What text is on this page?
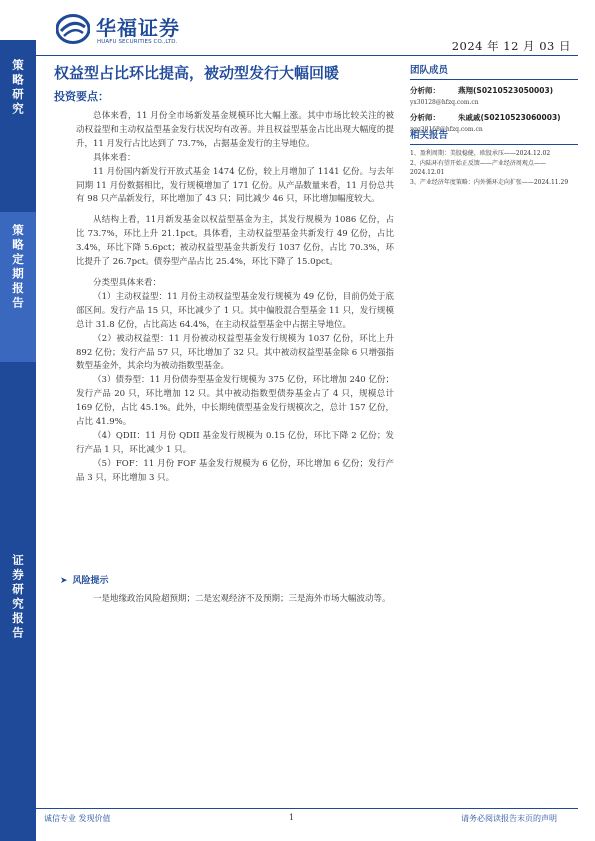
华福证券
HUAFU SECURITIES CO.,LTD.	2024 年 12 月 03 日
策略研究
策略定期报告
证券研究报告
权益型占比环比提高，被动型发行大幅回暖
投资要点：

总体来看，11 月份全市场新发基金规模环比大幅上涨。其中市场比较关注的被动权益型和主动权益型基金发行状况均有改善。并且权益型基金占比出现大幅度的提升，11 月发行占比达到了 73.7%，占据基金发行的主导地位。

具体来看：

11 月份国内新发行开放式基金 1474 亿份，较上月增加了 1141 亿份。与去年同期 11 月份数据相比，发行规模增加了 171 亿份。从产品数量来看，11 月份总共有 98 只产品新发行，环比增加了 43 只；同比减少 46 只，环比增加幅度较大。

从结构上看，11月新发基金以权益型基金为主，其发行规模为 1086 亿份，占比 73.7%，环比上升 21.1pct。具体看，主动权益型基金共新发行 49 亿份，占比 3.4%，环比下降 5.6pct；被动权益型基金共新发行 1037 亿份，占比 70.3%，环比提升了 26.7pct。债券型产品占比 25.4%，环比下降了 15.0pct。

分类型具体来看：

（1）主动权益型：11 月份主动权益型基金发行规模为 49 亿份，目前仍处于底部区间。发行产品 15 只，环比减少了 1 只。其中偏股混合型基金 11 只，发行规模总计 31.8 亿份，占比高达 64.4%，在主动权益型基金中占据主导地位。

（2）被动权益型：11 月份被动权益型基金发行规模为 1037 亿份，环比上升 892 亿份；发行产品 57 只，环比增加了 32 只。其中被动权益型基金除 6 只增强指数型基金外，其余均为被动指数型基金。

（3）债券型：11 月份债券型基金发行规模为 375 亿份，环比增加 240 亿份；发行产品 20 只，环比增加 12 只。其中被动指数型债券基金占了 4 只，规模总计 169 亿份，占比 45.1%。此外，中长期纯债型基金发行规模次之，总计 157 亿份，占比 41.9%。

（4）QDII：11 月份 QDII 基金发行规模为 0.15 亿份，环比下降 2 亿份；发行产品 1 只，环比减少 1 只。

（5）FOF：11 月份 FOF 基金发行规模为 6 亿份，环比增加 6 亿份；发行产品 3 只，环比增加 3 只。

➤ 风险提示

一是地缘政治风险超预期；二是宏观经济不及预期；三是海外市场大幅波动等。

团队成员
分析师： 燕翔(S0210523050003)
yx30128@hfzq.com.cn
分析师： 朱戚戚(S0210523060003)
zqq30168@hfzq.com.cn
相关报告
1、盈利周期：美股稳健，欧股承压——2024.12.02
2、内陆环有望开始正反馈——产业经济周观点——2024.12.01
3、产业经济年度策略：内外循环走向扩张——2024.11.29
诚信专业 发现价值	1	请务必阅读报告末页的声明
